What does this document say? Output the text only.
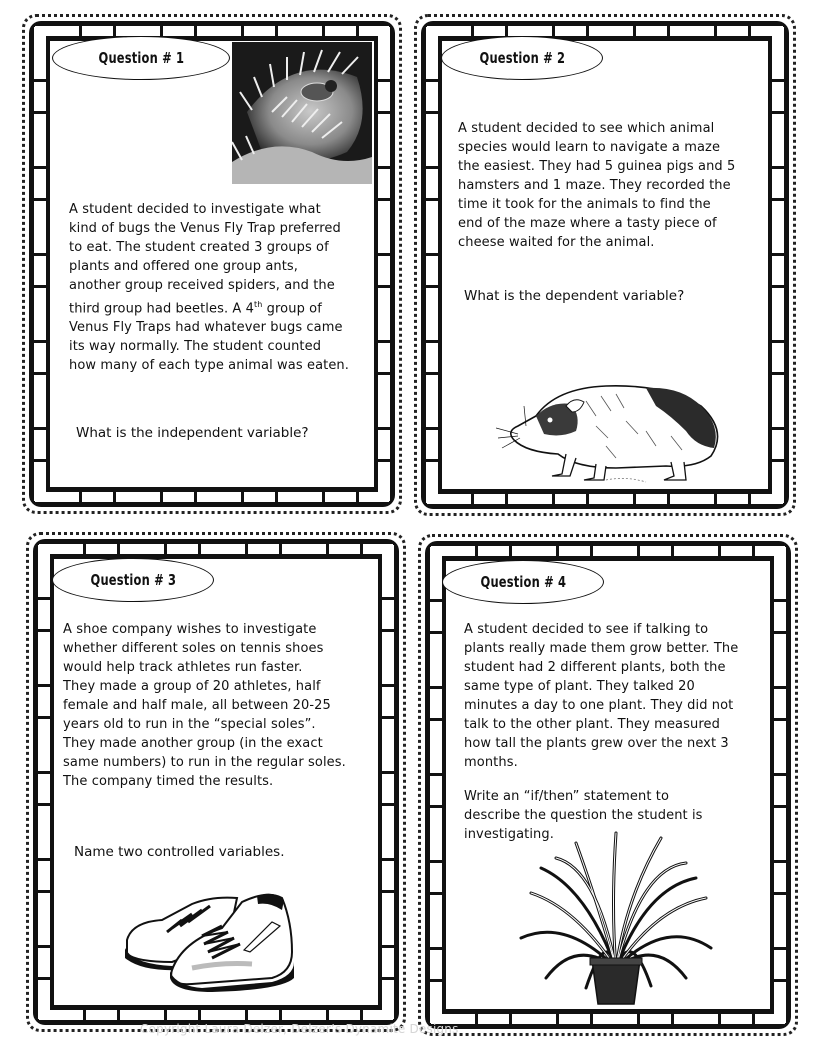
Question # 1

A student decided to investigate what

kind of bugs the Venus Fly Trap preferred

to eat. The student created 3 groups of

plants and offered one group ants,

another group received spiders, and the

third group had beetles. A 4th group of

Venus Fly Traps had whatever bugs came

its way normally. The student counted

how many of each type animal was eaten.

What is the independent variable?
Question # 2

A student decided to see which animal

species would learn to navigate a maze

the easiest. They had 5 guinea pigs and 5

hamsters and 1 maze. They recorded the

time it took for the animals to find the

end of the maze where a tasty piece of

cheese waited for the animal.

What is the dependent variable?
Question # 3

A shoe company wishes to investigate

whether different soles on tennis shoes

would help track athletes run faster.

They made a group of 20 athletes, half

female and half male, all between 20-25

years old to run in the “special soles”.

They made another group (in the exact

same numbers) to run in the regular soles.

The company timed the results.

Name two controlled variables.
Question # 4

A student decided to see if talking to

plants really made them grow better. The

student had 2 different plants, both the

same type of plant. They talked 20

minutes a day to one plant. They did not

talk to the other plant. They measured

how tall the plants grew over the next 3

months.

Write an “if/then” statement to

describe the question the student is

investigating.

Copyright Laura Delzer, Delzer’s Dynamite Designs
